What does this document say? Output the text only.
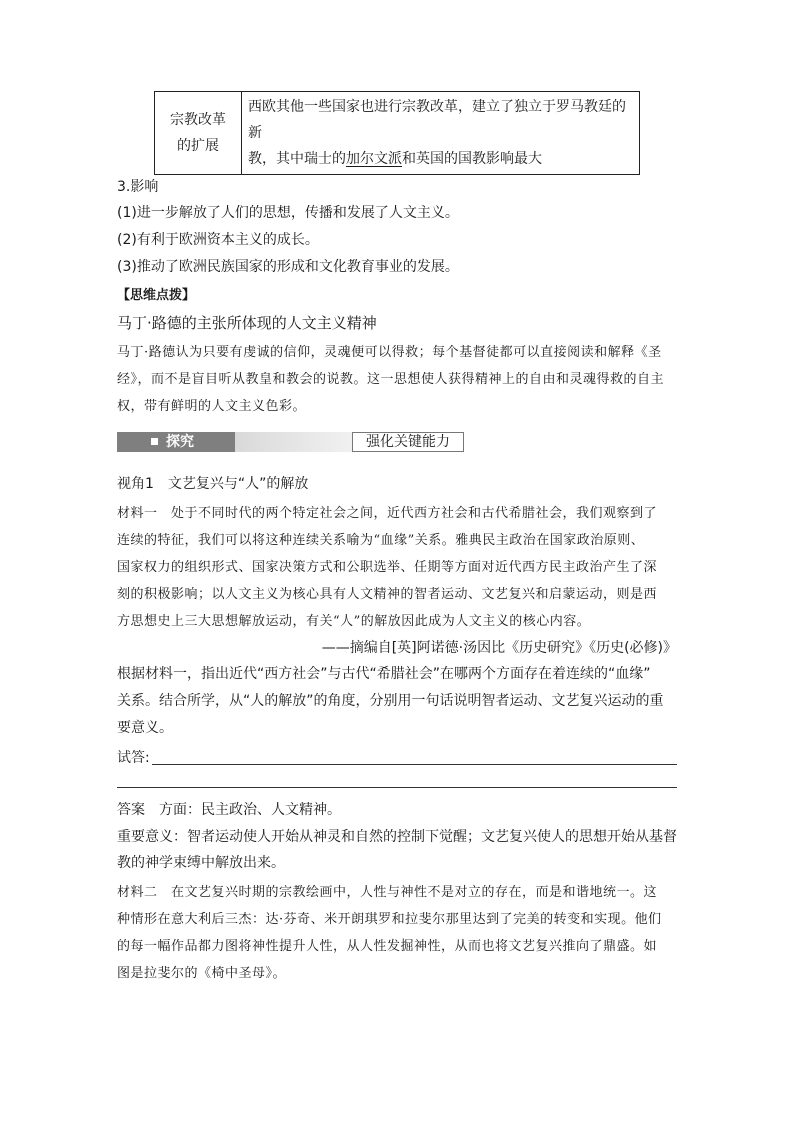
宗教改革
的扩展

西欧其他一些国家也进行宗教改革，建立了独立于罗马教廷的新
教，其中瑞士的加尔文派和英国的国教影响最大
3.影响
(1)进一步解放了人们的思想，传播和发展了人文主义。
(2)有利于欧洲资本主义的成长。
(3)推动了欧洲民族国家的形成和文化教育事业的发展。
【思维点拨】
马丁·路德的主张所体现的人文主义精神
马丁·路德认为只要有虔诚的信仰，灵魂便可以得救；每个基督徒都可以直接阅读和解释《圣
经》，而不是盲目听从教皇和教会的说教。这一思想使人获得精神上的自由和灵魂得救的自主
权，带有鲜明的人文主义色彩。
探究	强化关键能力
视角1　文艺复兴与“人”的解放
材料一　 处于不同时代的两个特定社会之间，近代西方社会和古代希腊社会，我们观察到了
连续的特征，我们可以将这种连续关系喻为“血缘”关系。雅典民主政治在国家政治原则、
国家权力的组织形式、国家决策方式和公职选举、任期等方面对近代西方民主政治产生了深
刻的积极影响；以人文主义为核心具有人文精神的智者运动、文艺复兴和启蒙运动，则是西
方思想史上三大思想解放运动，有关“人”的解放因此成为人文主义的核心内容。
——摘编自[英]阿诺德·汤因比《历史研究》《历史(必修)》
根据材料一，指出近代“西方社会”与古代“希腊社会”在哪两个方面存在着连续的“血缘”
关系。结合所学，从“人的解放”的角度，分别用一句话说明智者运动、文艺复兴运动的重
要意义。
试答:
答案　 方面：民主政治、人文精神。
重要意义：智者运动使人开始从神灵和自然的控制下觉醒；文艺复兴使人的思想开始从基督
教的神学束缚中解放出来。
材料二　 在文艺复兴时期的宗教绘画中，人性与神性不是对立的存在，而是和谐地统一。这
种情形在意大利后三杰：达·芬奇、米开朗琪罗和拉斐尔那里达到了完美的转变和实现。他们
的每一幅作品都力图将神性提升人性，从人性发掘神性，从而也将文艺复兴推向了鼎盛。如
图是拉斐尔的《椅中圣母》。
